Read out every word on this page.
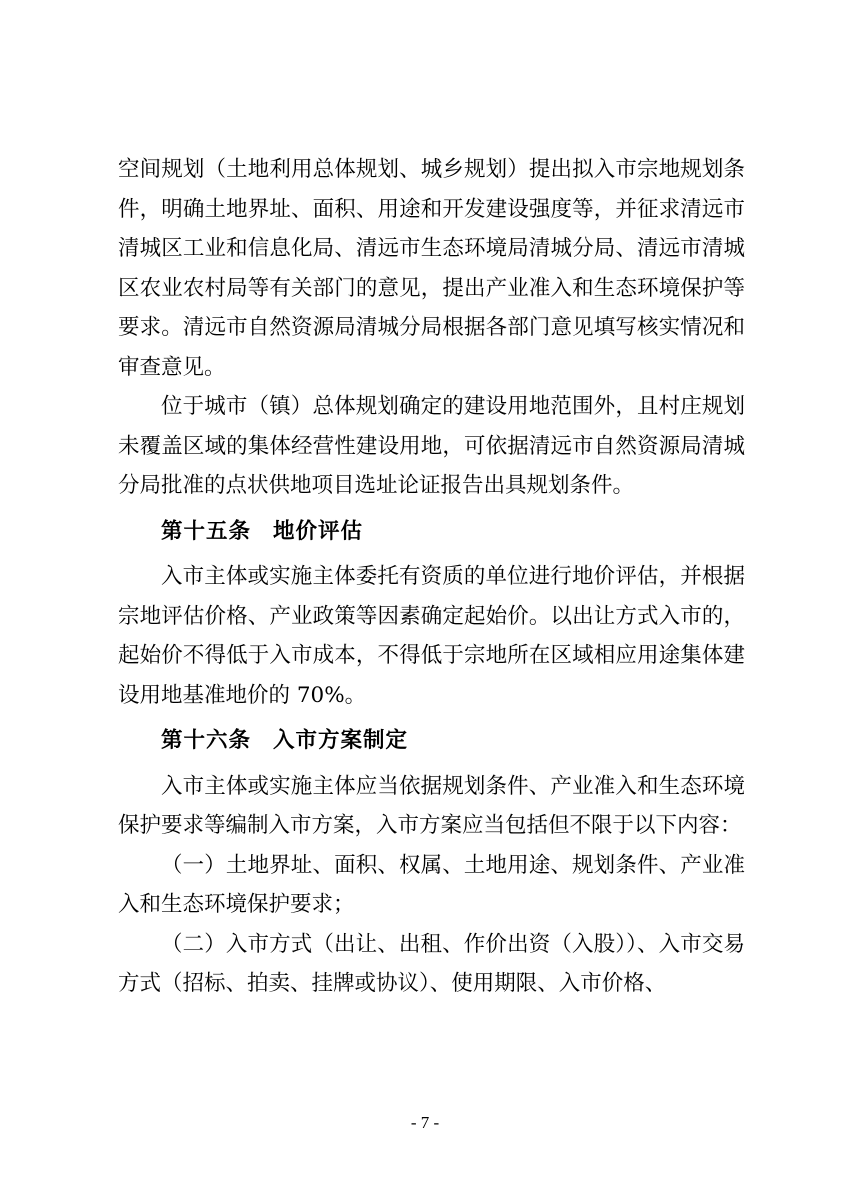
空间规划（土地利用总体规划、城乡规划）提出拟入市宗地规划条件，明确土地界址、面积、用途和开发建设强度等，并征求清远市清城区工业和信息化局、清远市生态环境局清城分局、清远市清城区农业农村局等有关部门的意见，提出产业准入和生态环境保护等要求。清远市自然资源局清城分局根据各部门意见填写核实情况和审查意见。

位于城市（镇）总体规划确定的建设用地范围外，且村庄规划未覆盖区域的集体经营性建设用地，可依据清远市自然资源局清城分局批准的点状供地项目选址论证报告出具规划条件。

第十五条 地价评估

入市主体或实施主体委托有资质的单位进行地价评估，并根据宗地评估价格、产业政策等因素确定起始价。以出让方式入市的，起始价不得低于入市成本，不得低于宗地所在区域相应用途集体建设用地基准地价的 70%。

第十六条 入市方案制定

入市主体或实施主体应当依据规划条件、产业准入和生态环境保护要求等编制入市方案，入市方案应当包括但不限于以下内容：

（一）土地界址、面积、权属、土地用途、规划条件、产业准入和生态环境保护要求；

（二）入市方式（出让、出租、作价出资（入股））、入市交易方式（招标、拍卖、挂牌或协议）、使用期限、入市价格、

- 7 -
